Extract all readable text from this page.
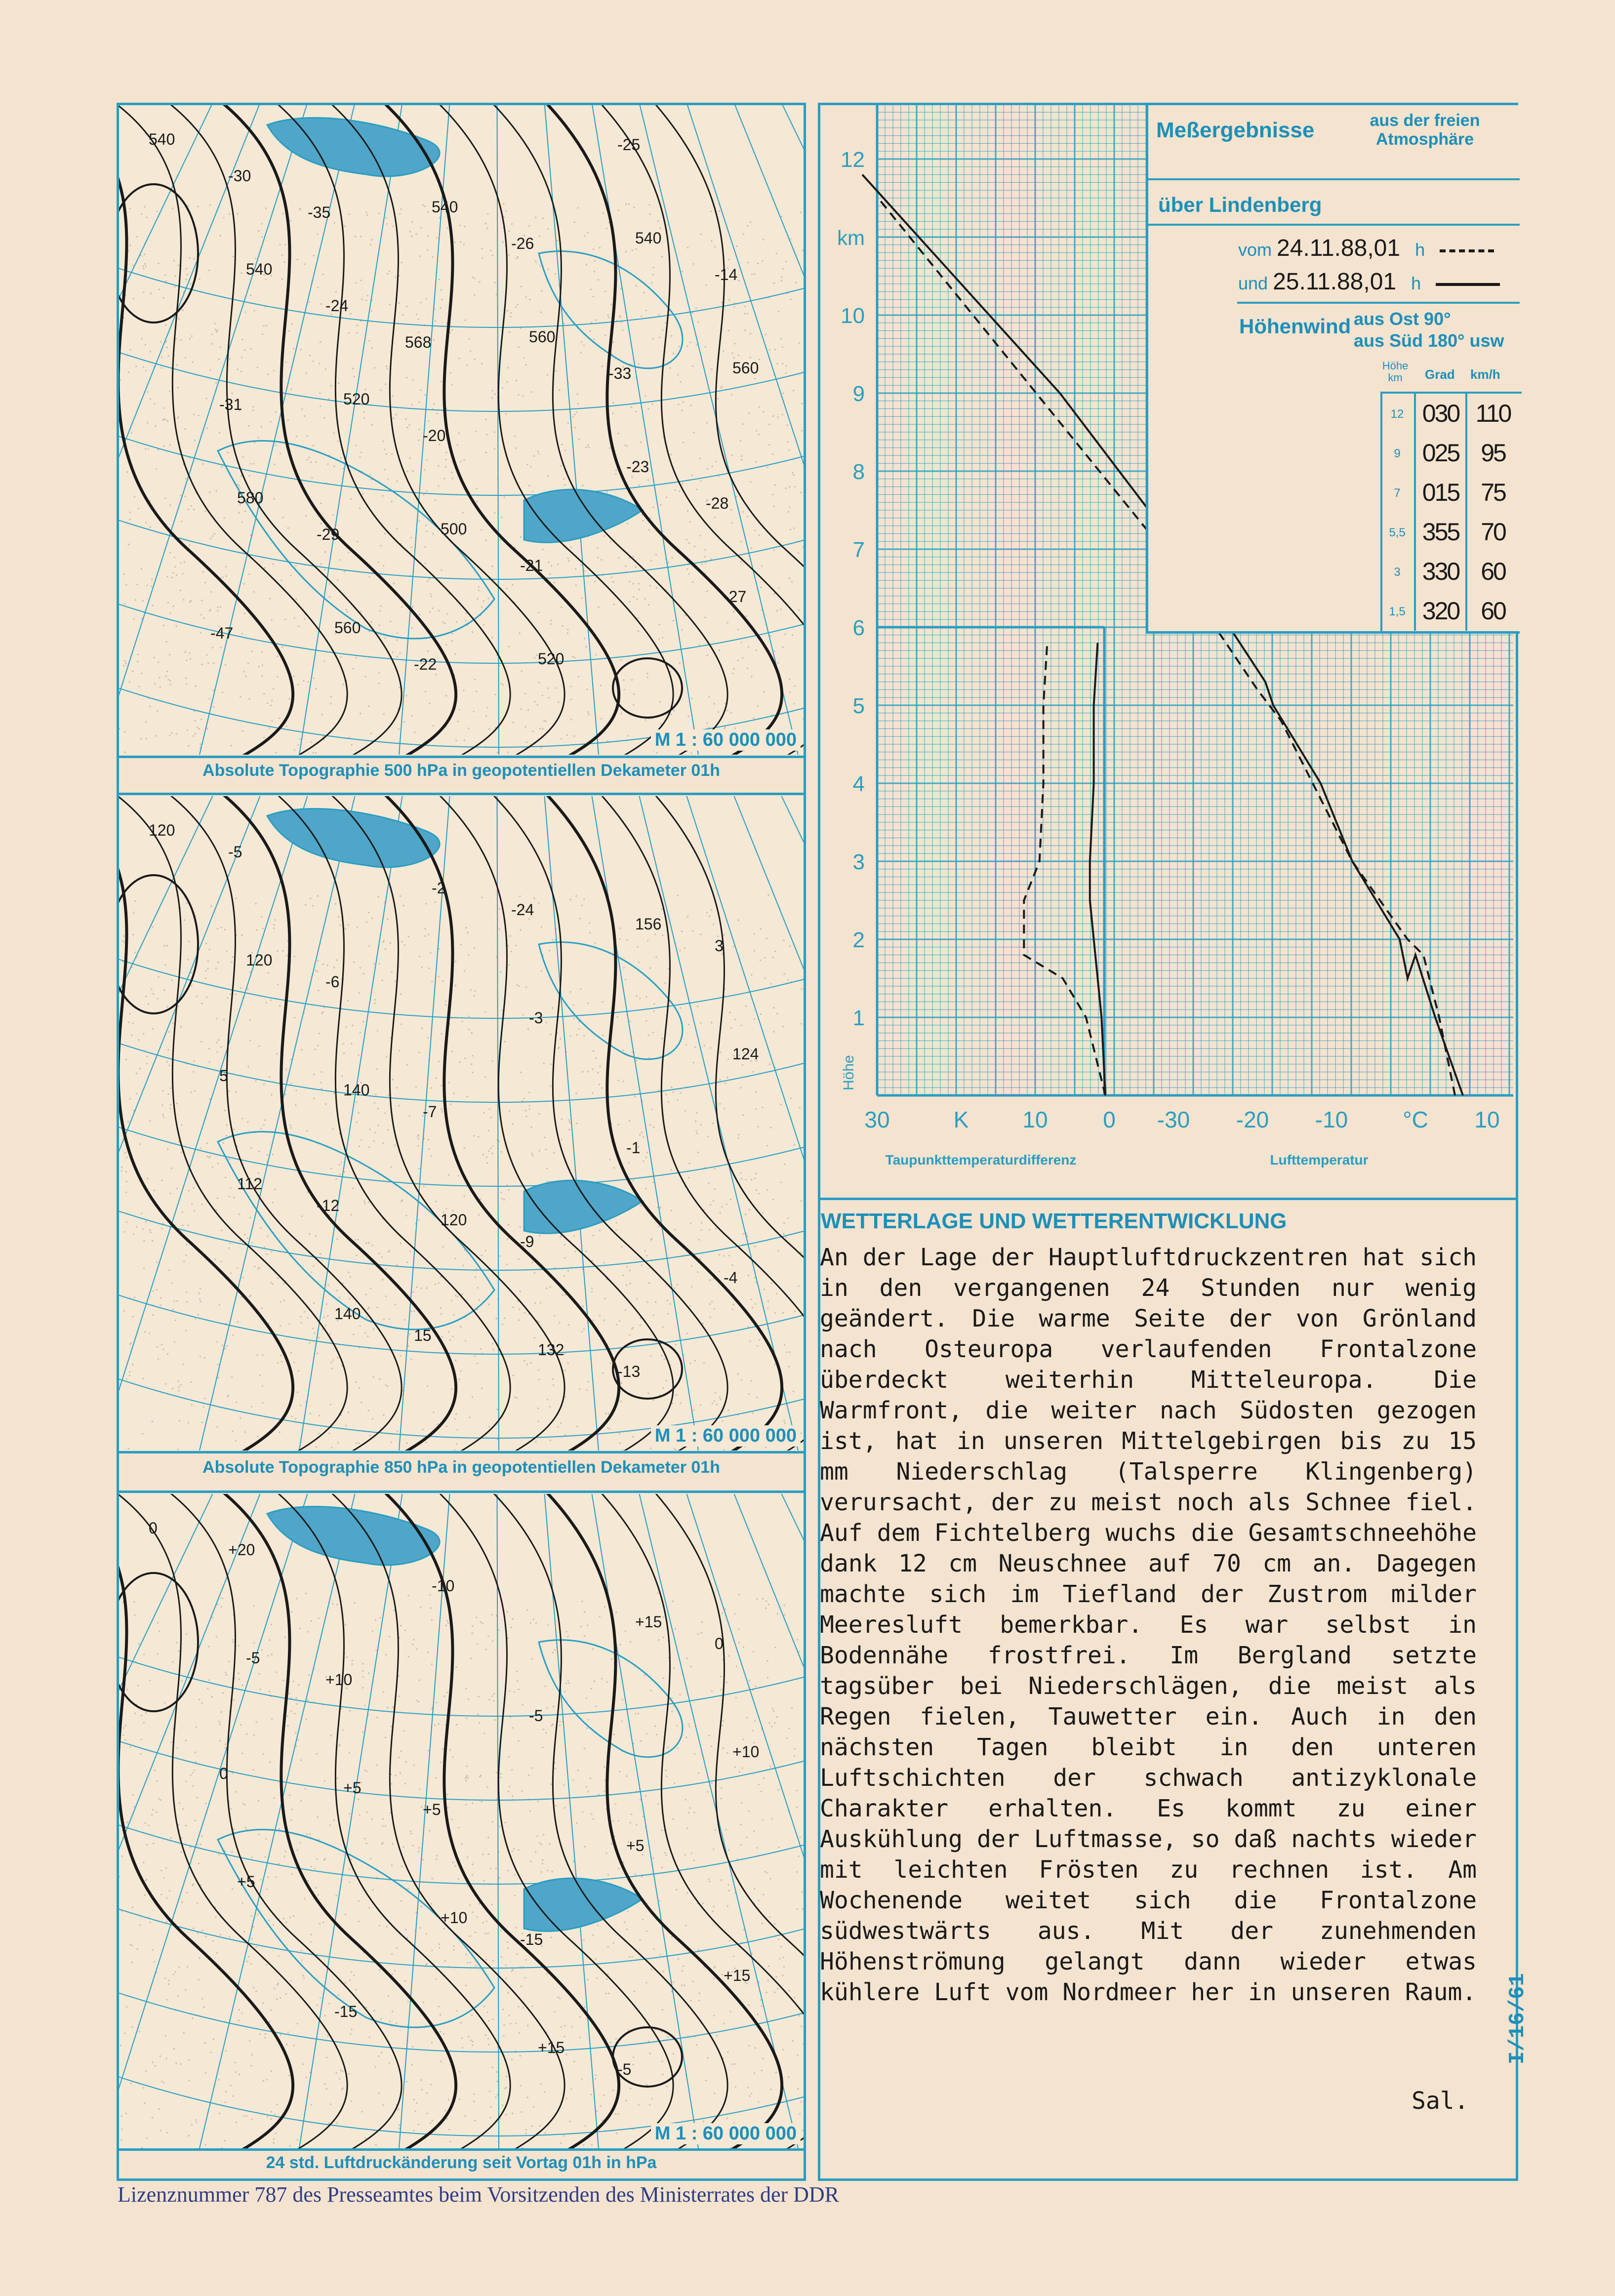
540
540
520
500
520
540
560
580
560
540
560
-23
-27
-30
-24
-20
-21
-25
-14
-31
-29
-22
-26
-33
-28
-47
-35
568
M 1 : 60 000 000
Absolute Topographie 500 hPa in geopotentiellen Dekameter 01h
120
120
140
120
132
156
124
112
140
-2
-3
-1
-4
-5
-6
-7
-9
-13
3
5
-12
15
-24
M 1 : 60 000 000
Absolute Topographie 850 hPa in geopotentiellen Dekameter 01h
0
-5
+5
+10
+15
+15
+10
+5
-15
-10
-5
+5
+15
+20
+10
+5
-15
-5
0
0
M 1 : 60 000 000
24 std. Luftdruckänderung seit Vortag 01h in hPa
12
10
9
8
7
6
5
4
3
2
1
km
Höhe
30	K 10 0 -30 -20 -10 °C 10
Taupunkttemperaturdifferenz	Lufttemperatur
Meßergebnisse	aus der freien Atmosphäre
über Lindenberg
vom 24.11.88,01 h
und 25.11.88,01 h
Höhenwind aus Ost 90°
aus Süd 180° usw
Höhe km	Grad km/h
12 030 110
9 025 95
7 015 75
5,5 355 70
3 330 60
1,5 320 60
WETTERLAGE UND WETTERENTWICKLUNG

An der Lage der Hauptluftdruckzentren hat sich in den vergangenen 24 Stunden nur wenig geändert. Die warme Seite der von Grönland nach Osteuropa verlaufenden Frontalzone überdeckt weiterhin Mitteleuropa. Die Warmfront, die weiter nach Südosten gezogen ist, hat in unseren Mittelgebirgen bis zu 15 mm Niederschlag (Talsperre Klingenberg) verursacht, der zu meist noch als Schnee fiel. Auf dem Fichtelberg wuchs die Gesamtschneehöhe dank 12 cm Neuschnee auf 70 cm an. Dagegen machte sich im Tiefland der Zustrom milder Meeresluft bemerkbar. Es war selbst in Bodennähe frostfrei. Im Bergland setzte tagsüber bei Niederschlägen, die meist als Regen fielen, Tauwetter ein. Auch in den nächsten Tagen bleibt in den unteren Luftschichten der schwach antizyklonale Charakter erhalten. Es kommt zu einer Auskühlung der Luftmasse, so daß nachts wieder mit leichten Frösten zu rechnen ist. Am Wochenende weitet sich die Frontalzone südwestwärts aus. Mit der zunehmenden Höhenströmung gelangt dann wieder etwas kühlere Luft vom Nordmeer her in unseren Raum.

Sal.
Lizenznummer 787 des Presseamtes beim Vorsitzenden des Ministerrates der DDR
I/16/61
